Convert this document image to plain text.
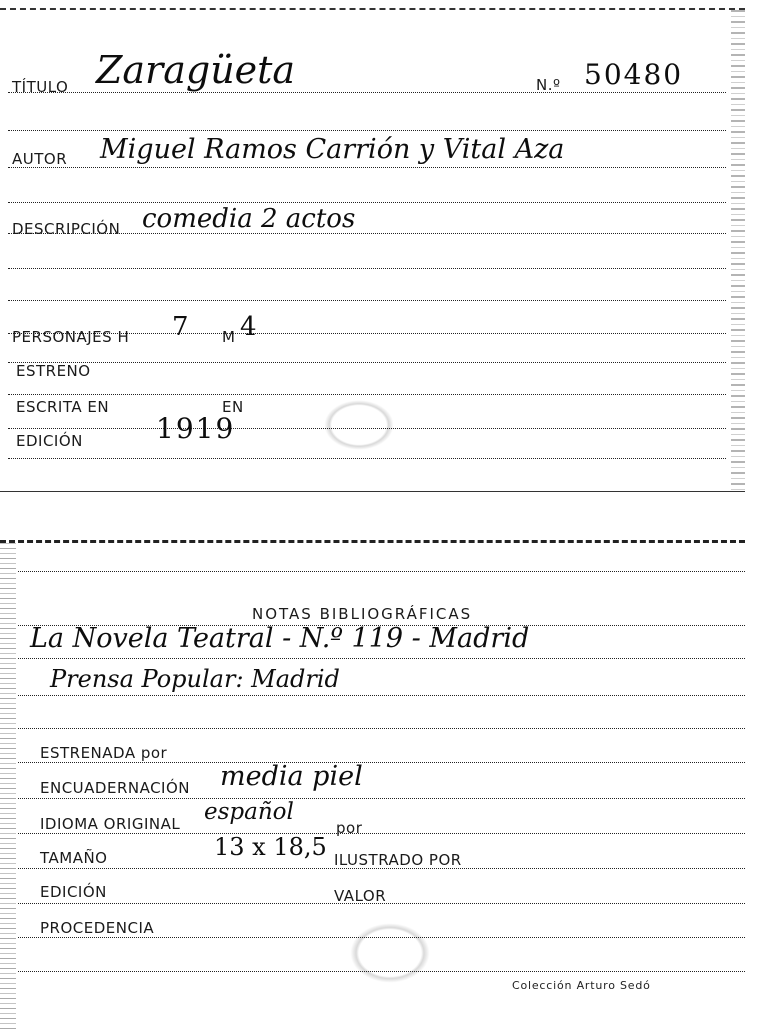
TÍTULO Zaragüeta	N.º 50480
AUTOR Miguel Ramos Carrión y Vital Aza
DESCRIPCIÓN comedia 2 actos
PERSONAJES H 7 M 4
ESTRENO
ESCRITA EN	EN
EDICIÓN	1919
NOTAS BIBLIOGRÁFICAS
La Novela Teatral - N.º 119 - Madrid
Prensa Popular: Madrid
ESTRENADA por
ENCUADERNACIÓN media piel
IDIOMA ORIGINAL español
por
TAMAÑO	13 x 18,5 ILUSTRADO POR
EDICIÓN	VALOR
PROCEDENCIA
Colección Arturo Sedó
